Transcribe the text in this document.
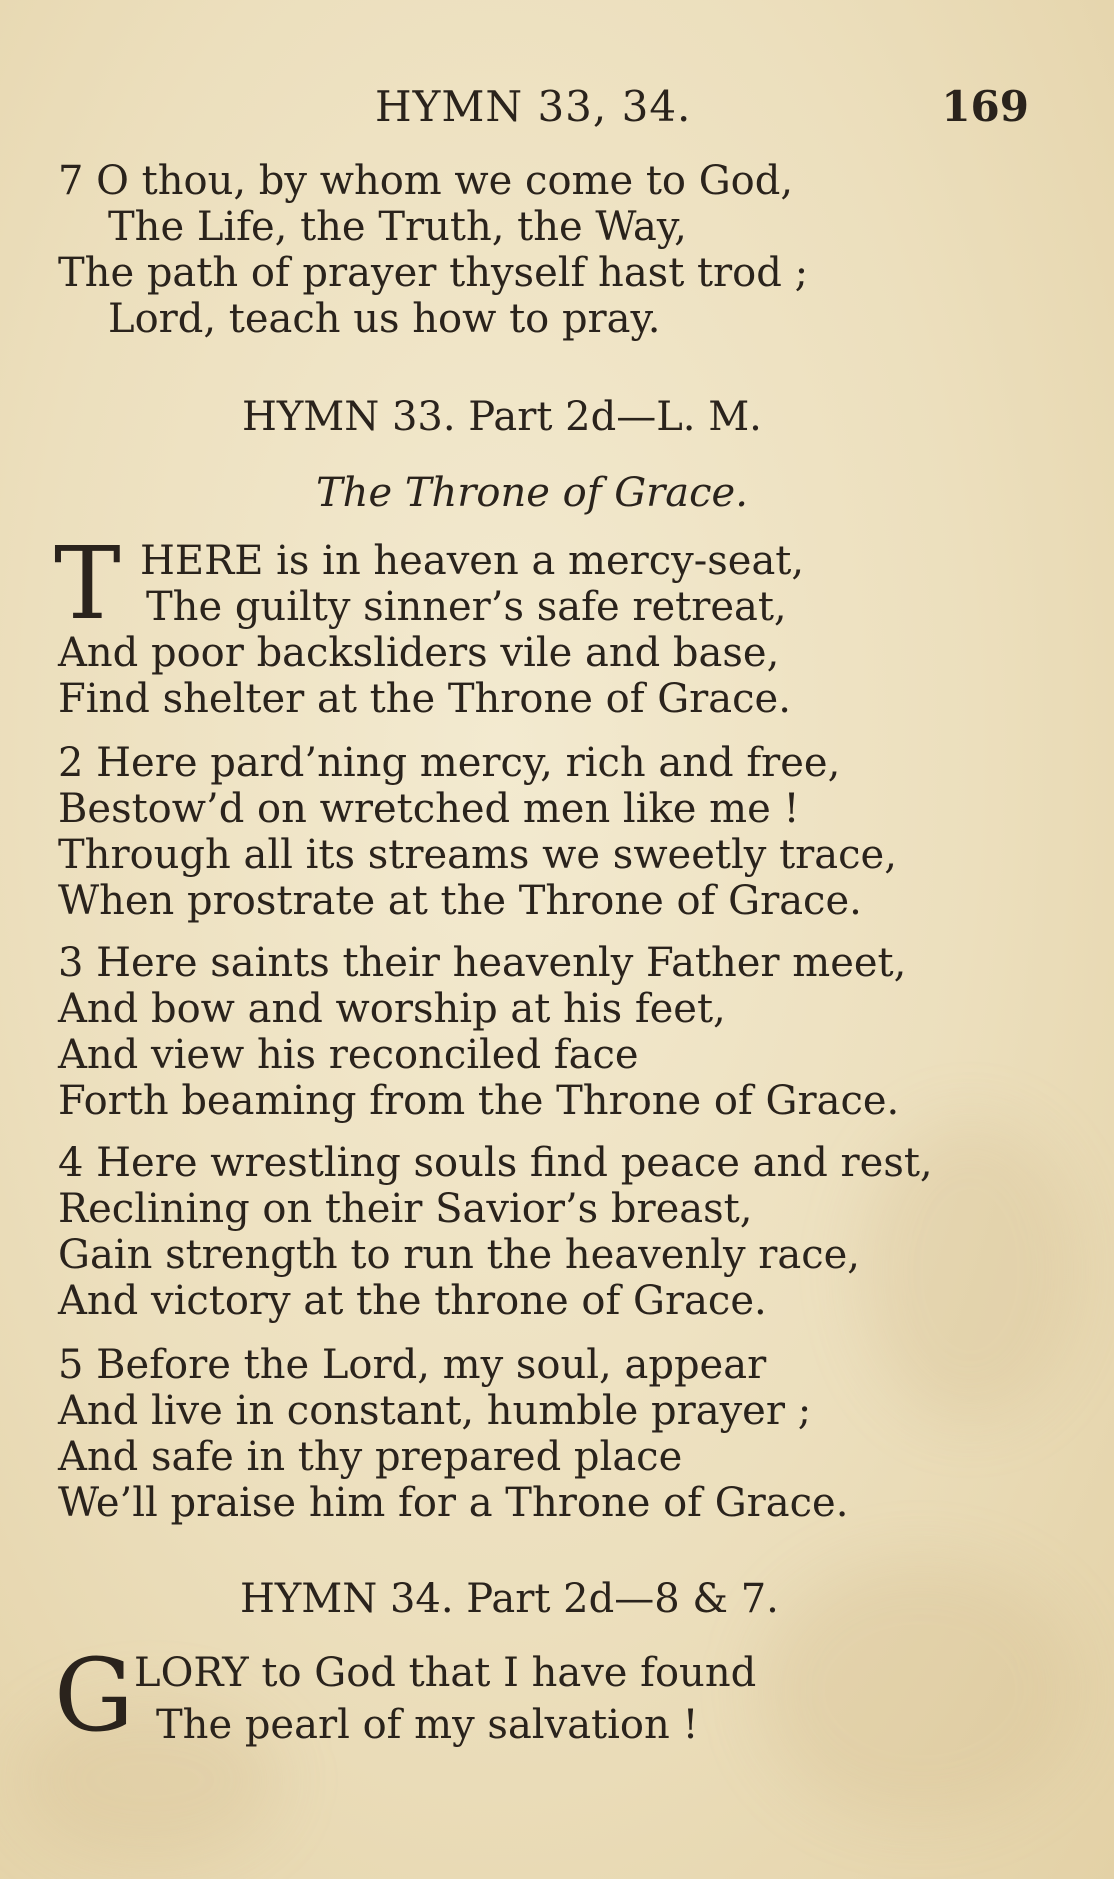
HYMN 33, 34.	169
7 O thou, by whom we come to God,
The Life, the Truth, the Way,
The path of prayer thyself hast trod ;
Lord, teach us how to pray.
HYMN 33. Part 2d—L. M.
The Throne of Grace.
T HERE is in heaven a mercy-seat,
The guilty sinner’s safe retreat,
And poor backsliders vile and base,
Find shelter at the Throne of Grace.
2 Here pard’ning mercy, rich and free,
Bestow’d on wretched men like me !
Through all its streams we sweetly trace,
When prostrate at the Throne of Grace.
3 Here saints their heavenly Father meet,
And bow and worship at his feet,
And view his reconciled face
Forth beaming from the Throne of Grace.
4 Here wrestling souls find peace and rest,
Reclining on their Savior’s breast,
Gain strength to run the heavenly race,
And victory at the throne of Grace.
5 Before the Lord, my soul, appear
And live in constant, humble prayer ;
And safe in thy prepared place
We’ll praise him for a Throne of Grace.
HYMN 34. Part 2d—8 & 7.
G LORY to God that I have found
The pearl of my salvation !
